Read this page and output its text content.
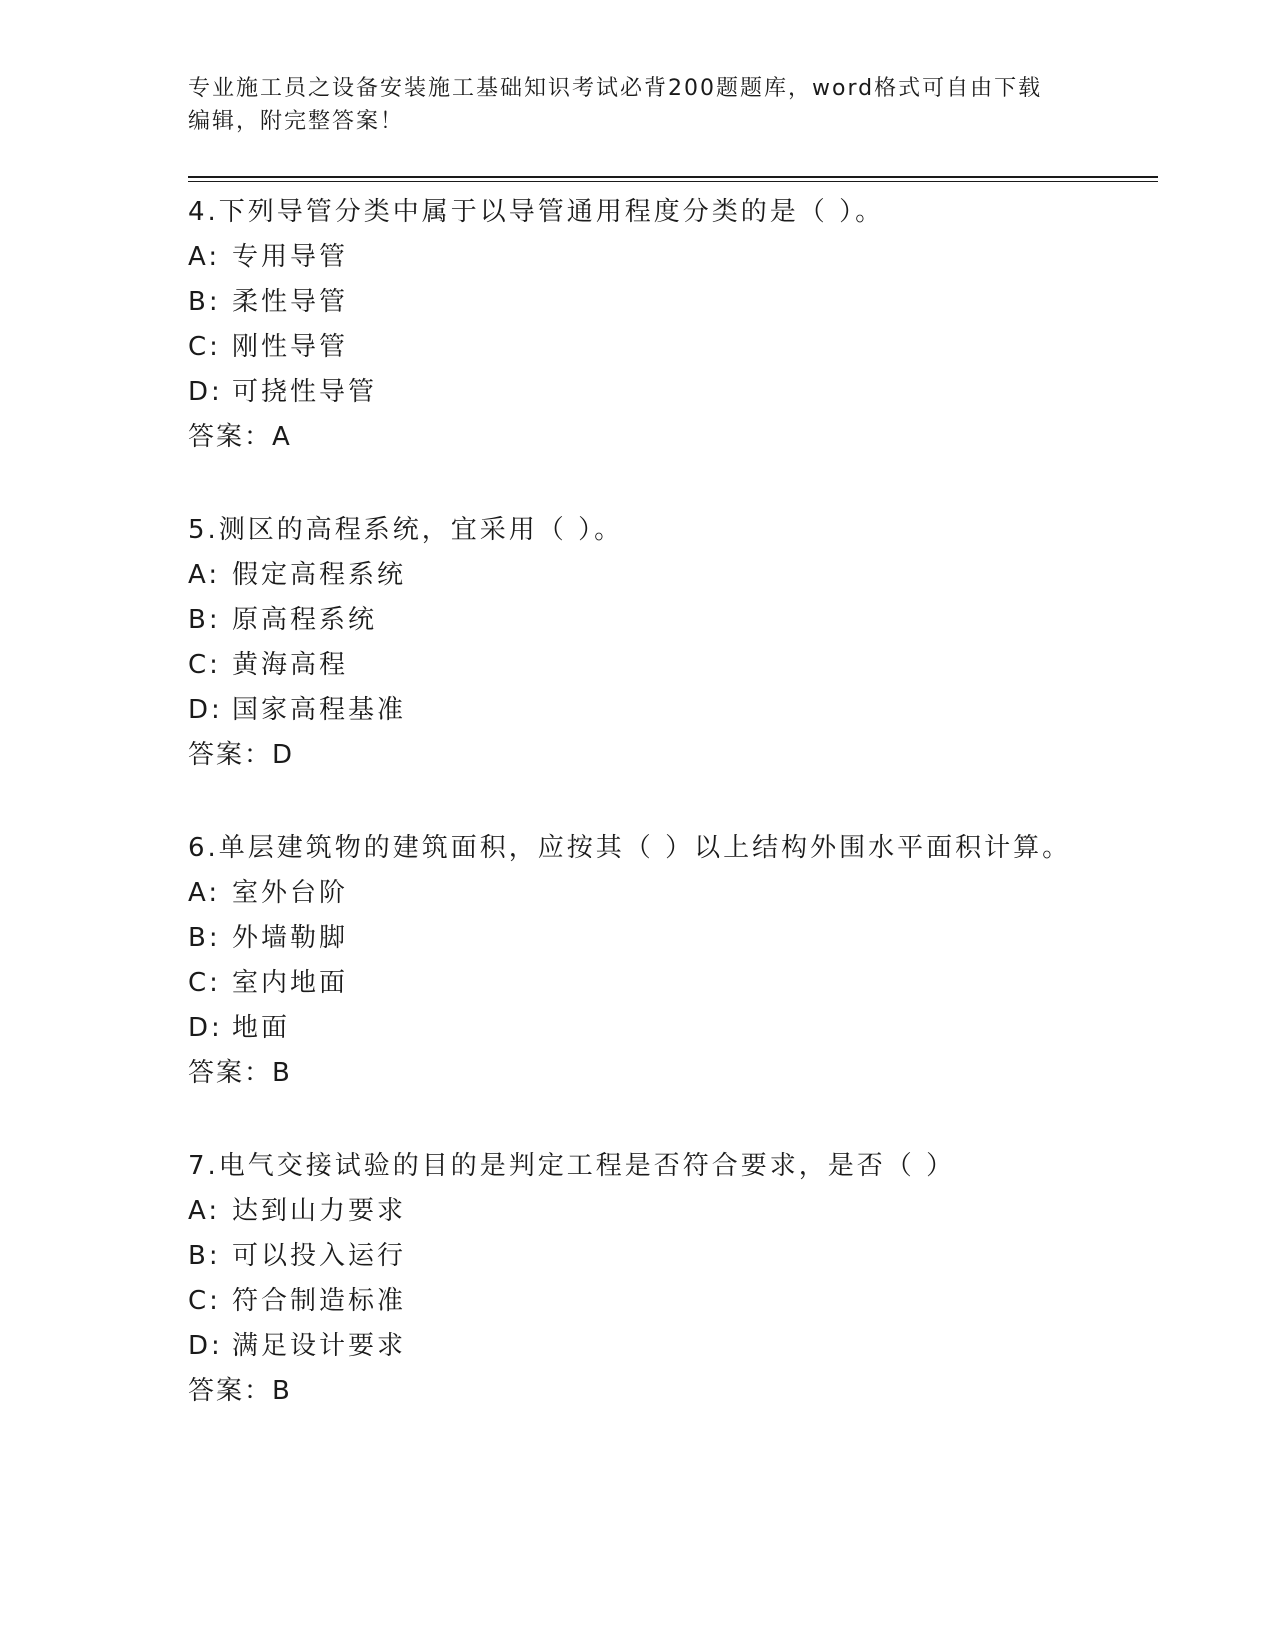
专业施工员之设备安装施工基础知识考试必背200题题库，word格式可自由下载
编辑，附完整答案！
4.下列导管分类中属于以导管通用程度分类的是（ ）。
A: 专用导管
B: 柔性导管
C: 刚性导管
D: 可挠性导管
答案：A
5.测区的高程系统，宜采用（ ）。
A: 假定高程系统
B: 原高程系统
C: 黄海高程
D: 国家高程基准
答案：D
6.单层建筑物的建筑面积，应按其（ ）以上结构外围水平面积计算。
A: 室外台阶
B: 外墙勒脚
C: 室内地面
D: 地面
答案：B
7.电气交接试验的目的是判定工程是否符合要求，是否（ ）
A: 达到山力要求
B: 可以投入运行
C: 符合制造标准
D: 满足设计要求
答案：B
